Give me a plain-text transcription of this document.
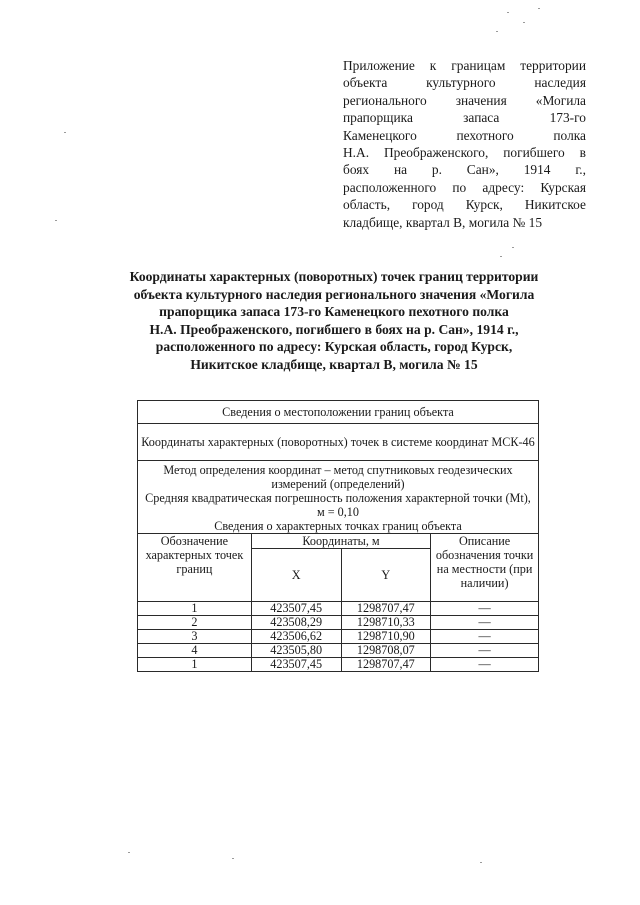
Приложение к границам территории
объекта культурного наследия
регионального значения «Могила
прапорщика запаса 173-го
Каменецкого пехотного полка
Н.А. Преображенского, погибшего в
боях на р. Сан», 1914 г.,
расположенного по адресу: Курская
область, город Курск, Никитское
кладбище, квартал В, могила № 15
Координаты характерных (поворотных) точек границ территории
объекта культурного наследия регионального значения «Могила
прапорщика запаса 173-го Каменецкого пехотного полка
Н.А. Преображенского, погибшего в боях на р. Сан», 1914 г.,
расположенного по адресу: Курская область, город Курск,
Никитское кладбище, квартал В, могила № 15
Сведения о местоположении границ объекта			
Координаты характерных (поворотных) точек в системе координат МСК-46			

Метод определения координат – метод спутниковых геодезических измерений (определений)
Средняя квадратическая погрешность положения характерной точки (Mt), м = 0,10
Сведения о характерных точках границ объекта			

Обозначение характерных точек границ	Координаты, м		Описание обозначения точки на местности (при наличии)
	X	Y	
1	423507,45	1298707,47	—
2	423508,29	1298710,33	—
3	423506,62	1298710,90	—
4	423505,80	1298708,07	—
1	423507,45	1298707,47	—
